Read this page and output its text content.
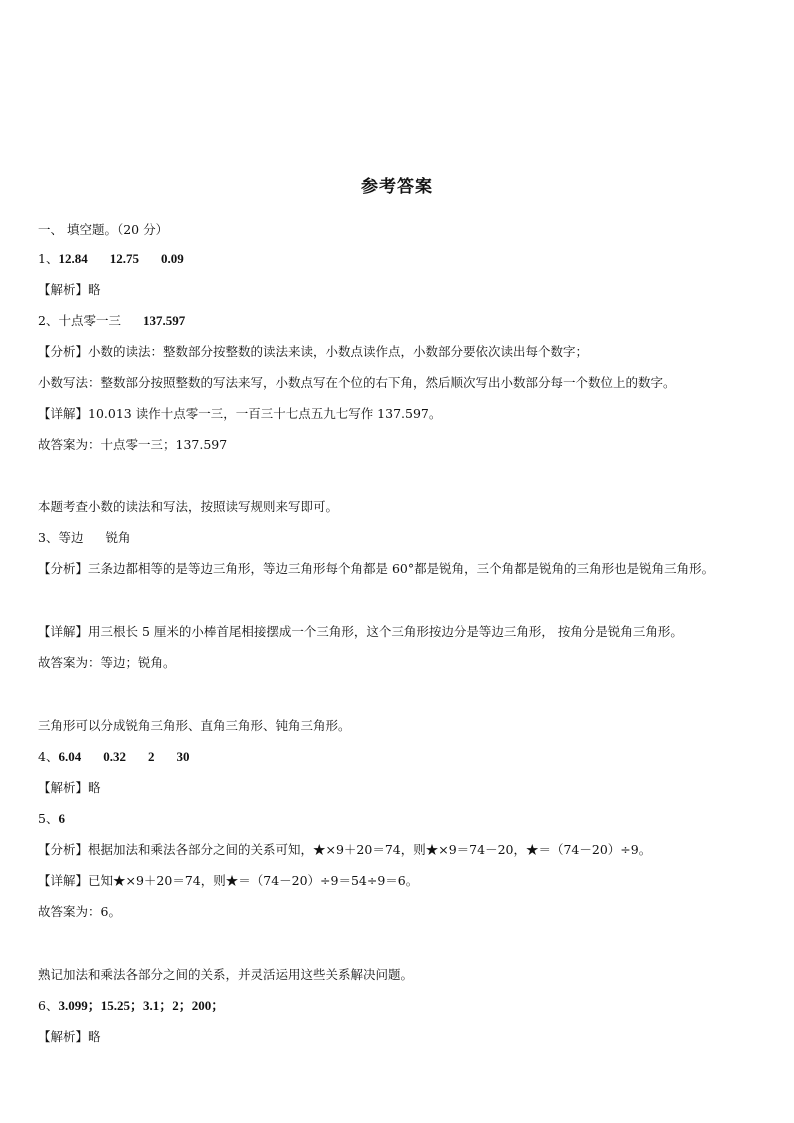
参考答案
一、 填空题。（20 分）
1、12.84 12.75 0.09
【解析】略
2、十点零一三 137.597
【分析】小数的读法：整数部分按整数的读法来读，小数点读作点，小数部分要依次读出每个数字；
小数写法：整数部分按照整数的写法来写，小数点写在个位的右下角，然后顺次写出小数部分每一个数位上的数字。
【详解】10.013 读作十点零一三，一百三十七点五九七写作 137.597。
故答案为：十点零一三；137.597
本题考查小数的读法和写法，按照读写规则来写即可。
3、等边 锐角
【分析】三条边都相等的是等边三角形，等边三角形每个角都是 60°都是锐角，三个角都是锐角的三角形也是锐角三角形。
【详解】用三根长 5 厘米的小棒首尾相接摆成一个三角形，这个三角形按边分是等边三角形， 按角分是锐角三角形。
故答案为：等边；锐角。
三角形可以分成锐角三角形、直角三角形、钝角三角形。
4、6.04 0.32 2 30
【解析】略
5、6
【分析】根据加法和乘法各部分之间的关系可知，★×9＋20＝74，则★×9＝74－20，★＝（74－20）÷9。
【详解】已知★×9＋20＝74，则★＝（74－20）÷9＝54÷9＝6。
故答案为：6。
熟记加法和乘法各部分之间的关系，并灵活运用这些关系解决问题。
6、3.099；15.25；3.1；2；200；
【解析】略
